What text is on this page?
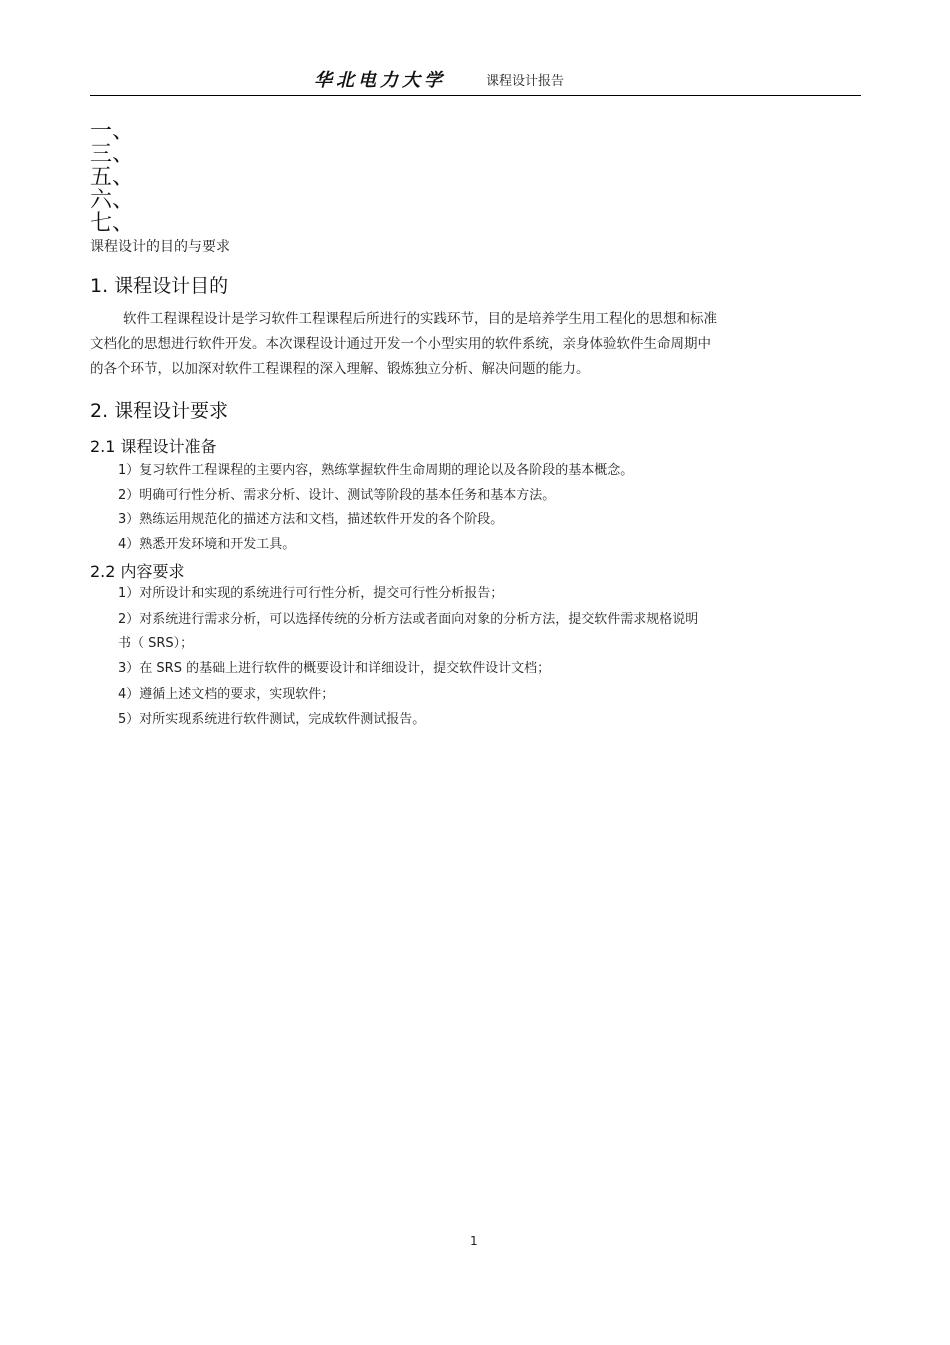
华北电力大学	课程设计报告
一、
三、
五、
六、
七、
课程设计的目的与要求
1. 课程设计目的
软件工程课程设计是学习软件工程课程后所进行的实践环节，目的是培养学生用工程化的思想和标准
文档化的思想进行软件开发。本次课程设计通过开发一个小型实用的软件系统，亲身体验软件生命周期中
的各个环节，以加深对软件工程课程的深入理解、锻炼独立分析、解决问题的能力。
2. 课程设计要求
2.1 课程设计准备
1）复习软件工程课程的主要内容，熟练掌握软件生命周期的理论以及各阶段的基本概念。
2）明确可行性分析、需求分析、设计、测试等阶段的基本任务和基本方法。
3）熟练运用规范化的描述方法和文档，描述软件开发的各个阶段。
4）熟悉开发环境和开发工具。
2.2 内容要求
1）对所设计和实现的系统进行可行性分析，提交可行性分析报告；
2）对系统进行需求分析，可以选择传统的分析方法或者面向对象的分析方法，提交软件需求规格说明
书（ SRS）；
3）在 SRS 的基础上进行软件的概要设计和详细设计，提交软件设计文档；
4）遵循上述文档的要求，实现软件；
5）对所实现系统进行软件测试，完成软件测试报告。
1
